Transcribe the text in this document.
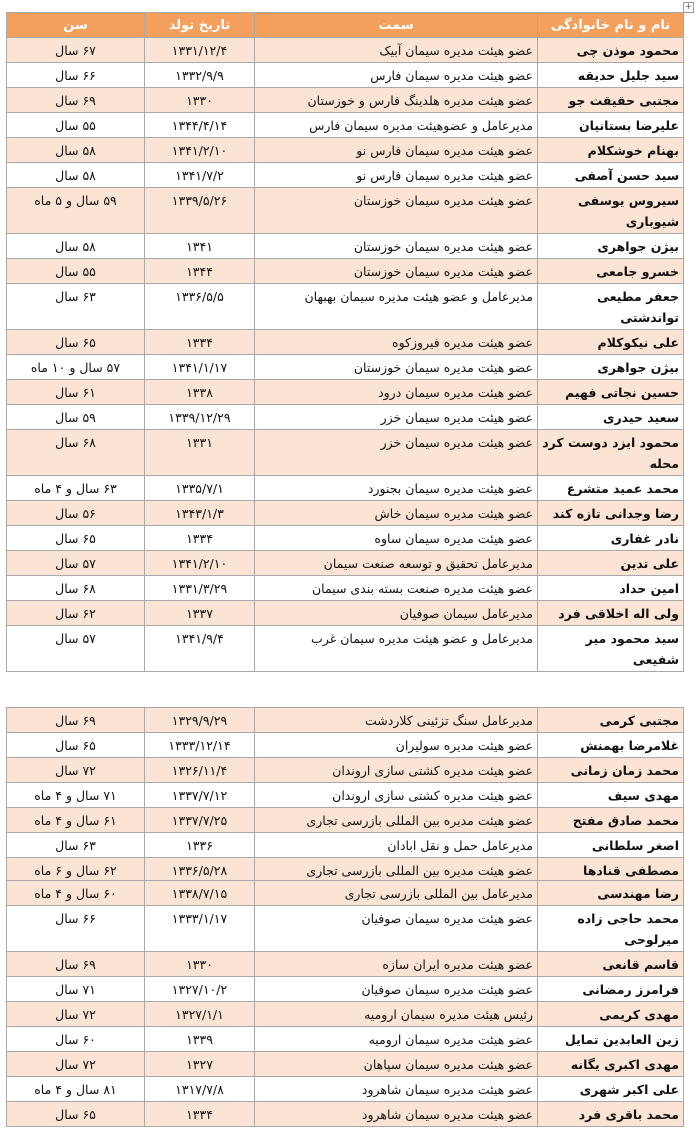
+
نام و نام خانوادگی	سمت	تاریخ تولد	سن
محمود موذن چی	عضو هیئت مدیره سیمان آبیک	۱۳۳۱/۱۲/۴	۶۷ سال
سید جلیل حدیقه	عضو هیئت مدیره سیمان فارس	۱۳۳۲/۹/۹	۶۶ سال
مجتبی حقیقت جو	عضو هیئت مدیره هلدینگ فارس و خوزستان	۱۳۳۰	۶۹ سال
علیرضا بستانیان	مدیرعامل و عضوهیئت مدیره سیمان فارس	۱۳۴۴/۴/۱۴	۵۵ سال
بهنام خوشکلام	عضو هیئت مدیره سیمان فارس نو	۱۳۴۱/۲/۱۰	۵۸ سال
سید حسن آصفی	عضو هیئت مدیره سیمان فارس نو	۱۳۴۱/۷/۲	۵۸ سال
سیروس یوسفی شیوباری	عضو هیئت مدیره سیمان خوزستان	۱۳۳۹/۵/۲۶	۵۹ سال و ۵ ماه
بیژن جواهری	عضو هیئت مدیره سیمان خوزستان	۱۳۴۱	۵۸ سال
خسرو جامعی	عضو هیئت مدیره سیمان خوزستان	۱۳۴۴	۵۵ سال
جعفر مطیعی تواندشتی	مدیرعامل و عضو هیئت مدیره سیمان بهبهان	۱۳۳۶/۵/۵	۶۳ سال
علی نیکوکلام	عضو هیئت مدیره فیروزکوه	۱۳۳۴	۶۵ سال
بیژن جواهری	عضو هیئت مدیره سیمان خوزستان	۱۳۴۱/۱/۱۷	۵۷ سال و ۱۰ ماه
حسین نجاتی فهیم	عضو هیئت مدیره سیمان درود	۱۳۳۸	۶۱ سال
سعید حیدری	عضو هیئت مدیره سیمان خزر	۱۳۳۹/۱۲/۲۹	۵۹ سال
محمود ایزد دوست کرد محله	عضو هیئت مدیره سیمان خزر	۱۳۳۱	۶۸ سال
محمد عمید متشرع	عضو هیئت مدیره سیمان بجنورد	۱۳۳۵/۷/۱	۶۳ سال و ۴ ماه
رضا وجدانی تازه کند	عضو هیئت مدیره سیمان خاش	۱۳۴۳/۱/۳	۵۶ سال
نادر غفاری	عضو هیئت مدیره سیمان ساوه	۱۳۳۴	۶۵ سال
علی تدین	مدیرعامل تحقیق و توسعه صنعت سیمان	۱۳۴۱/۲/۱۰	۵۷ سال
امین حداد	عضو هیئت مدیره صنعت بسته بندی سیمان	۱۳۳۱/۳/۲۹	۶۸ سال
ولی اله اخلاقی فرد	مدیرعامل سیمان صوفیان	۱۳۳۷	۶۲ سال
سید محمود میر شفیعی	مدیرعامل و عضو هیئت مدیره سیمان غرب	۱۳۴۱/۹/۴	۵۷ سال
مجتبی کرمی	مدیرعامل سنگ تزئینی کلاردشت	۱۳۲۹/۹/۲۹	۶۹ سال
غلامرضا بهمنش	عضو هیئت مدیره سولیران	۱۳۳۳/۱۲/۱۴	۶۵ سال
محمد زمان زمانی	عضو هیئت مدیره کشتی سازی اروندان	۱۳۲۶/۱۱/۴	۷۲ سال
مهدی سیف	عضو هیئت مدیره کشتی سازی اروندان	۱۳۳۷/۷/۱۲	۷۱ سال و ۴ ماه
محمد صادق مفتح	عضو هیئت مدیره بین المللی بازرسی تجاری	۱۳۳۷/۷/۲۵	۶۱ سال و ۴ ماه
اصغر سلطانی	مدیرعامل حمل و نقل ابادان	۱۳۳۶	۶۳ سال
مصطفی قنادها	عضو هیئت مدیره بین المللی بازرسی تجاری	۱۳۳۶/۵/۲۸	۶۲ سال و ۶ ماه
رضا مهندسی	مدیرعامل بین المللی بازرسی تجاری	۱۳۳۸/۷/۱۵	۶۰ سال و ۴ ماه
محمد حاجی زاده میرلوحی	عضو هیئت مدیره سیمان صوفیان	۱۳۳۳/۱/۱۷	۶۶ سال
قاسم قانعی	عضو هیئت مدیره ایران سازه	۱۳۳۰	۶۹ سال
فرامرز رمضانی	عضو هیئت مدیره سیمان صوفیان	۱۳۲۷/۱۰/۲	۷۱ سال
مهدی کریمی	رئیس هیئت مدیره سیمان ارومیه	۱۳۲۷/۱/۱	۷۲ سال
زین العابدین تمایل	عضو هیئت مدیره سیمان ارومیه	۱۳۳۹	۶۰ سال
مهدی اکبری یگانه	عضو هیئت مدیره سیمان سپاهان	۱۳۲۷	۷۲ سال
علی اکبر شهری	عضو هیئت مدیره سیمان شاهرود	۱۳۱۷/۷/۸	۸۱ سال و ۴ ماه
محمد باقری فرد	عضو هیئت مدیره سیمان شاهرود	۱۳۳۴	۶۵ سال
